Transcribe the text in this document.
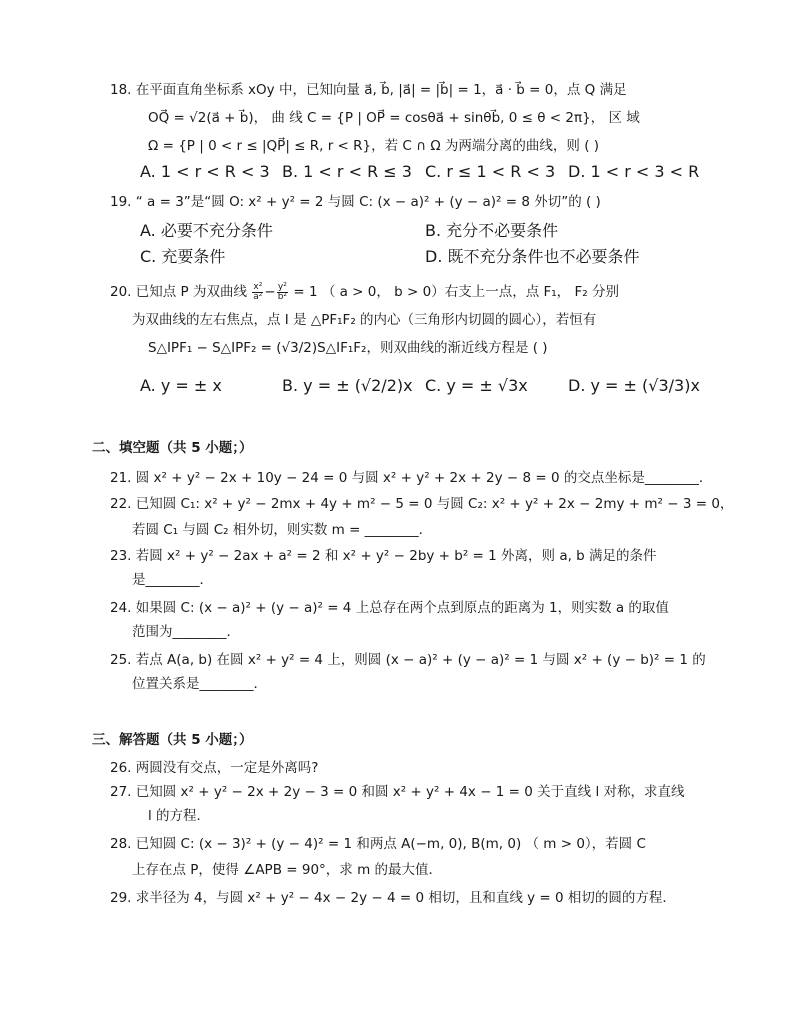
18. 在平面直角坐标系 xOy 中，已知向量 a⃗, b⃗, |a⃗| = |b⃗| = 1，a⃗ · b⃗ = 0，点 Q 满足
OQ⃗ = √2(a⃗ + b⃗)， 曲 线 C = {P | OP⃗ = cosθa⃗ + sinθb⃗, 0 ≤ θ < 2π}， 区 域
Ω = {P | 0 < r ≤ |QP⃗| ≤ R, r < R}，若 C ∩ Ω 为两端分离的曲线，则 ( )
A. 1 < r < R < 3 B. 1 < r < R ≤ 3 C. r ≤ 1 < R < 3 D. 1 < r < 3 < R
19. “ a = 3”是“圆 O: x² + y² = 2 与圆 C: (x − a)² + (y − a)² = 8 外切”的 ( )
A. 必要不充分条件	B. 充分不必要条件
C. 充要条件	D. 既不充分条件也不必要条件
20. 已知点 P 为双曲线 $\frac{\text{x²}}{\text{a²}} - \frac{\text{y²}}{\text{b²}} = 1$ （ a > 0， b > 0）右支上一点，点 F₁， F₂ 分别
为双曲线的左右焦点，点 I 是 △PF₁F₂ 的内心（三角形内切圆的圆心），若恒有
S△IPF₁ − S△IPF₂ = (√3/2)S△IF₁F₂，则双曲线的渐近线方程是 ( )
A. y = ± x	B. y = ± (√2/2)x C. y = ± √3x	D. y = ± (√3/3)x
二、填空题（共 5 小题；）
21. 圆 x² + y² − 2x + 10y − 24 = 0 与圆 x² + y² + 2x + 2y − 8 = 0 的交点坐标是________．
22. 已知圆 C₁: x² + y² − 2mx + 4y + m² − 5 = 0 与圆 C₂: x² + y² + 2x − 2my + m² − 3 = 0，
若圆 C₁ 与圆 C₂ 相外切，则实数 m = ________．
23. 若圆 x² + y² − 2ax + a² = 2 和 x² + y² − 2by + b² = 1 外离，则 a, b 满足的条件
是________．
24. 如果圆 C: (x − a)² + (y − a)² = 4 上总存在两个点到原点的距离为 1，则实数 a 的取值
范围为________．
25. 若点 A(a, b) 在圆 x² + y² = 4 上，则圆 (x − a)² + (y − a)² = 1 与圆 x² + (y − b)² = 1 的
位置关系是________．
三、解答题（共 5 小题；）
26. 两圆没有交点，一定是外离吗?
27. 已知圆 x² + y² − 2x + 2y − 3 = 0 和圆 x² + y² + 4x − 1 = 0 关于直线 l 对称，求直线
l 的方程．
28. 已知圆 C: (x − 3)² + (y − 4)² = 1 和两点 A(−m, 0), B(m, 0) （ m > 0），若圆 C
上存在点 P，使得 ∠APB = 90°，求 m 的最大值．
29. 求半径为 4，与圆 x² + y² − 4x − 2y − 4 = 0 相切，且和直线 y = 0 相切的圆的方程．
